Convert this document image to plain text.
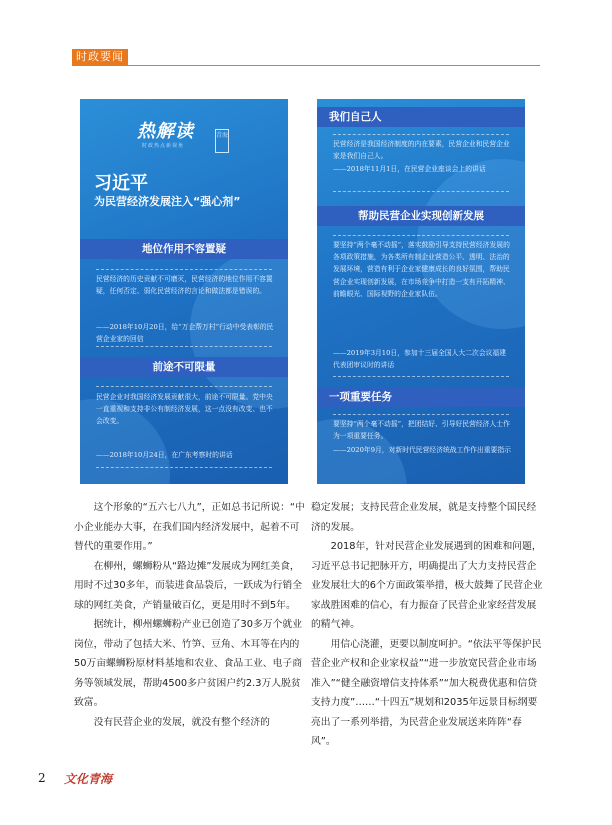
时政要闻
热解读
时政热点新视角
青海
习近平
为民营经济发展注入“强心剂”
地位作用不容置疑
民营经济的历史贡献不可磨灭，民营经济的地位作用不容置疑，任何否定、弱化民营经济的言论和做法都是错误的。
——2018年10月20日，给“万企帮万村”行动中受表彰的民营企业家的回信
前途不可限量
民营企业对我国经济发展贡献很大，前途不可限量。党中央一直重视和支持非公有制经济发展，这一点没有改变、也不会改变。
——2018年10月24日，在广东考察时的讲话
我们自己人
民营经济是我国经济制度的内在要素，民营企业和民营企业家是我们自己人。
——2018年11月1日，在民营企业座谈会上的讲话
帮助民营企业实现创新发展
要坚持“两个毫不动摇”，落实鼓励引导支持民营经济发展的各项政策措施，为各类所有制企业营造公平、透明、法治的发展环境，营造有利于企业家健康成长的良好氛围，帮助民营企业实现创新发展，在市场竞争中打造一支有开拓精神、前瞻眼光、国际视野的企业家队伍。
——2019年3月10日，参加十三届全国人大二次会议福建代表团审议时的讲话
一项重要任务
要坚持“两个毫不动摇”，把团结好、引导好民营经济人士作为一项重要任务。
——2020年9月，对新时代民营经济统战工作作出重要指示

这个形象的“五六七八九”，正如总书记所说：“中小企业能办大事，在我们国内经济发展中，起着不可替代的重要作用。”

在柳州，螺蛳粉从“路边摊”发展成为网红美食，用时不过30多年，而装进食品袋后，一跃成为行销全球的网红美食，产销量破百亿，更是用时不到5年。

据统计，柳州螺蛳粉产业已创造了30多万个就业岗位，带动了包括大米、竹笋、豆角、木耳等在内的50万亩螺蛳粉原材料基地和农业、食品工业、电子商务等领域发展，帮助4500多户贫困户约2.3万人脱贫致富。

没有民营企业的发展，就没有整个经济的

稳定发展；支持民营企业发展，就是支持整个国民经济的发展。

2018年，针对民营企业发展遇到的困难和问题，习近平总书记把脉开方，明确提出了大力支持民营企业发展壮大的6个方面政策举措，极大鼓舞了民营企业家战胜困难的信心，有力振奋了民营企业家经营发展的精气神。

用信心浇灌，更要以制度呵护。“依法平等保护民营企业产权和企业家权益”“进一步放宽民营企业市场准入”“健全融资增信支持体系”“加大税费优惠和信贷支持力度”……“十四五”规划和2035年远景目标纲要亮出了一系列举措，为民营企业发展送来阵阵“春风”。

2 文化青海
